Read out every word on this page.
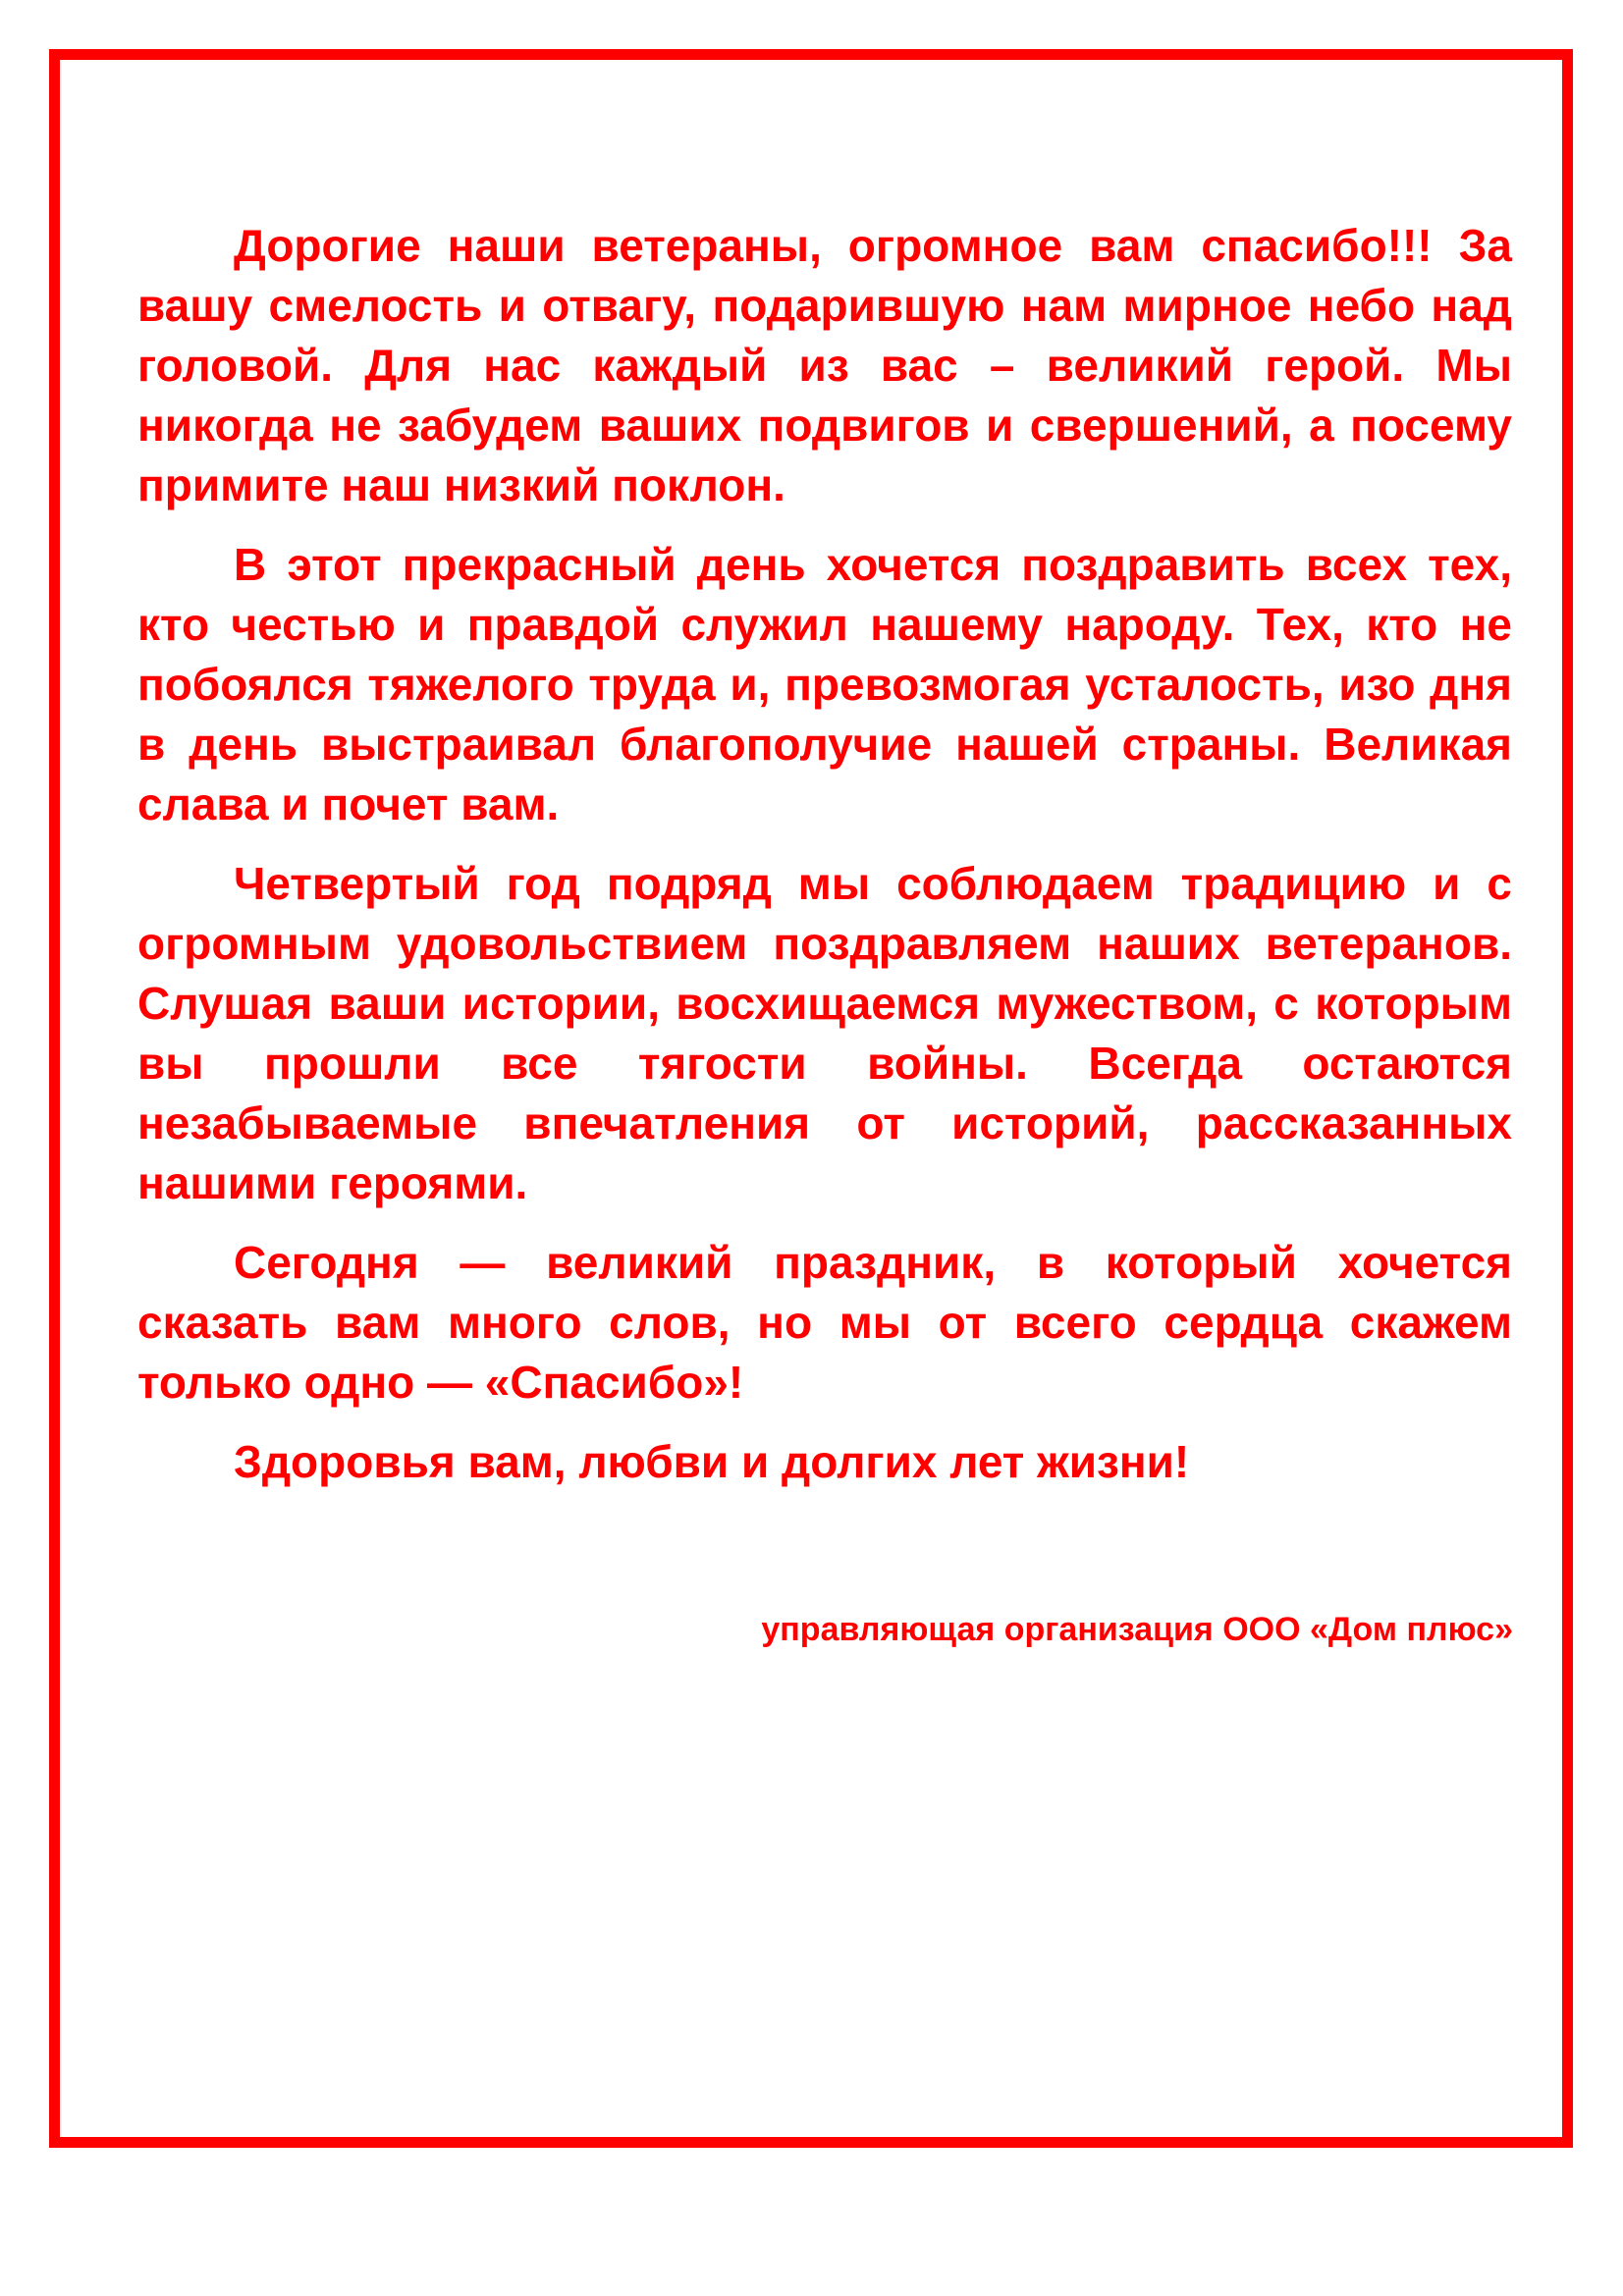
Дорогие наши ветераны, огромное вам спасибо!!! За вашу смелость и отвагу, подарившую нам мирное небо над головой. Для нас каждый из вас – великий герой. Мы никогда не забудем ваших подвигов и свершений, а посему примите наш низкий поклон.

В этот прекрасный день хочется поздравить всех тех, кто честью и правдой служил нашему народу. Тех, кто не побоялся тяжелого труда и, превозмогая усталость, изо дня в день выстраивал благополучие нашей страны. Великая слава и почет вам.

Четвертый год подряд мы соблюдаем традицию и с огромным удовольствием поздравляем наших ветеранов. Слушая ваши истории, восхищаемся мужеством, с которым вы прошли все тягости войны. Всегда остаются незабываемые впечатления от историй, рассказанных нашими героями.

Сегодня — великий праздник, в который хочется сказать вам много слов, но мы от всего сердца скажем только одно — «Спасибо»!

Здоровья вам, любви и долгих лет жизни!

управляющая организация ООО «Дом плюс»
